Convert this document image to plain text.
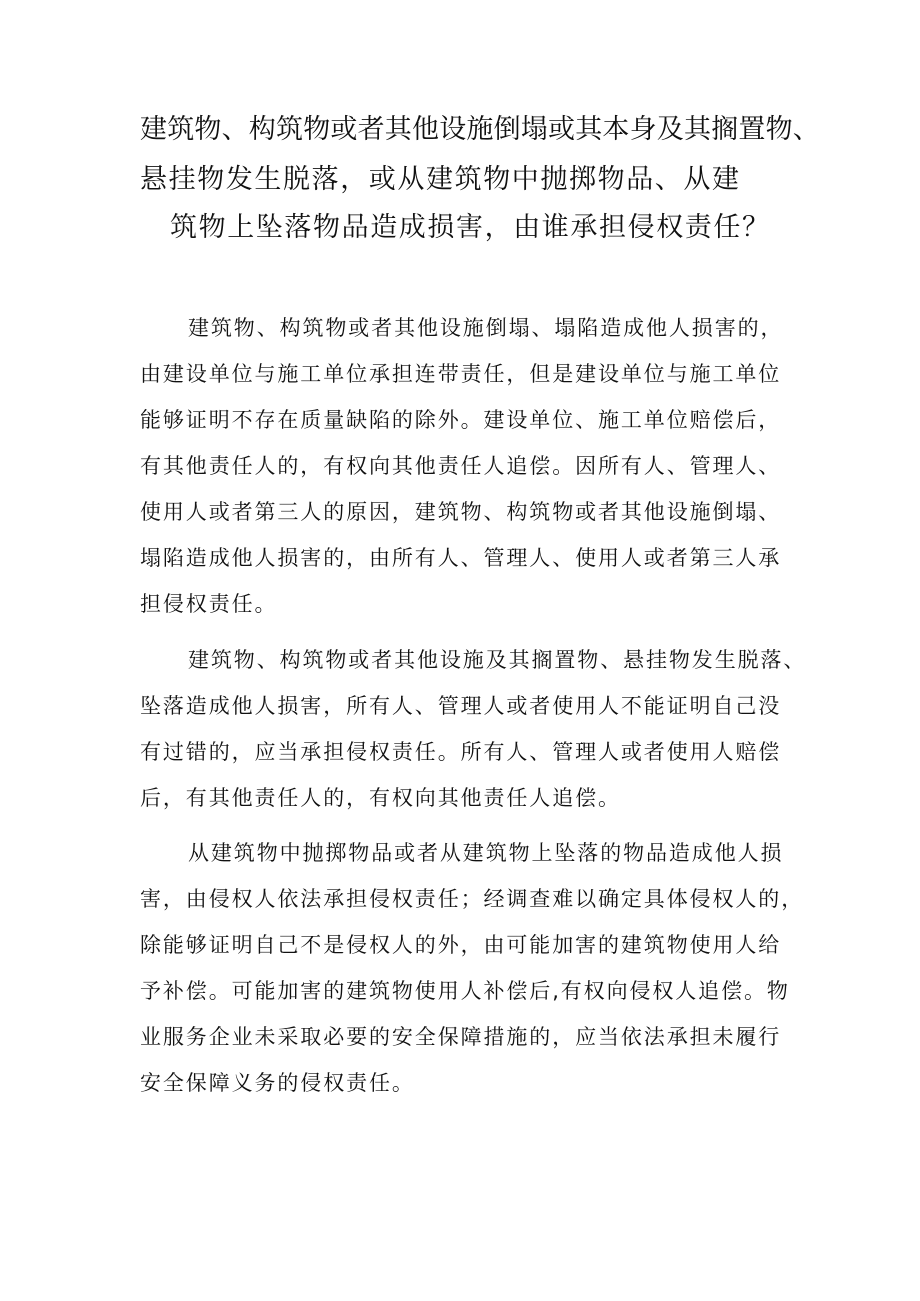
建筑物、构筑物或者其他设施倒塌或其本身及其搁置物、
悬挂物发生脱落，或从建筑物中抛掷物品、从建
筑物上坠落物品造成损害，由谁承担侵权责任？
建筑物、构筑物或者其他设施倒塌、塌陷造成他人损害的，
由建设单位与施工单位承担连带责任，但是建设单位与施工单位
能够证明不存在质量缺陷的除外。建设单位、施工单位赔偿后，
有其他责任人的，有权向其他责任人追偿。因所有人、管理人、
使用人或者第三人的原因，建筑物、构筑物或者其他设施倒塌、
塌陷造成他人损害的，由所有人、管理人、使用人或者第三人承
担侵权责任。
建筑物、构筑物或者其他设施及其搁置物、悬挂物发生脱落、
坠落造成他人损害，所有人、管理人或者使用人不能证明自己没
有过错的，应当承担侵权责任。所有人、管理人或者使用人赔偿
后，有其他责任人的，有权向其他责任人追偿。
从建筑物中抛掷物品或者从建筑物上坠落的物品造成他人损
害，由侵权人依法承担侵权责任；经调查难以确定具体侵权人的，
除能够证明自己不是侵权人的外，由可能加害的建筑物使用人给
予补偿。可能加害的建筑物使用人补偿后,有权向侵权人追偿。物
业服务企业未采取必要的安全保障措施的，应当依法承担未履行
安全保障义务的侵权责任。
